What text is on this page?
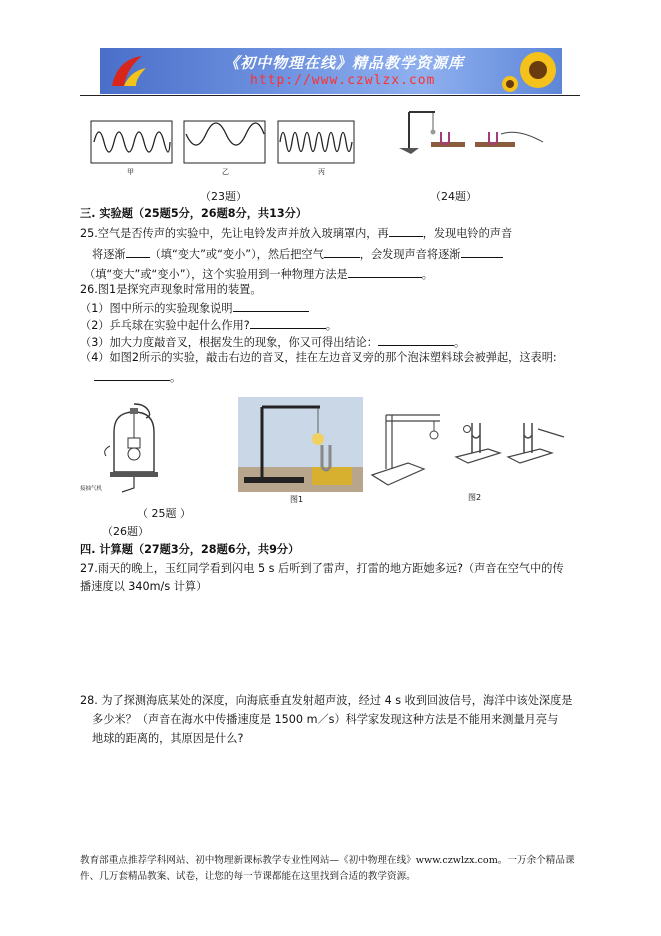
《初中物理在线》精品教学资源库
http://www.czwlzx.com
甲	乙	丙
（23题）	（24题）
三. 实验题（25题5分，26题8分，共13分）
25.空气是否传声的实验中，先让电铃发声并放入玻璃罩内，再	，发现电铃的声音
将逐渐 （填“变大”或“变小”），然后把空气	，会发现声音将逐渐
（填“变大”或“变小”），这个实验用到一种物理方法是	。
26.图1是探究声现象时常用的装置。
（1）图中所示的实验现象说明
（2）乒乓球在实验中起什么作用?	。
（3）加大力度敲音叉，根据发生的现象，你又可得出结论：	。
（4）如图2所示的实验，敲击右边的音叉，挂在左边音叉旁的那个泡沫塑料球会被弹起，这表明:
。
接抽气机
图1	图2
（ 25题 ）
（26题）
四. 计算题（27题3分，28题6分，共9分）
27.雨天的晚上，玉红同学看到闪电 5 s 后听到了雷声，打雷的地方距她多远?（声音在空气中的传
播速度以 340m/s 计算）
28. 为了探测海底某处的深度，向海底垂直发射超声波，经过 4 s 收到回波信号，海洋中该处深度是
多少米？（声音在海水中传播速度是 1500 m／s）科学家发现这种方法是不能用来测量月亮与
地球的距离的，其原因是什么?
教育部重点推荐学科网站、初中物理新课标教学专业性网站—《初中物理在线》www.czwlzx.com。一万余个精品课
件、几万套精品教案、试卷，让您的每一节课都能在这里找到合适的教学资源。
